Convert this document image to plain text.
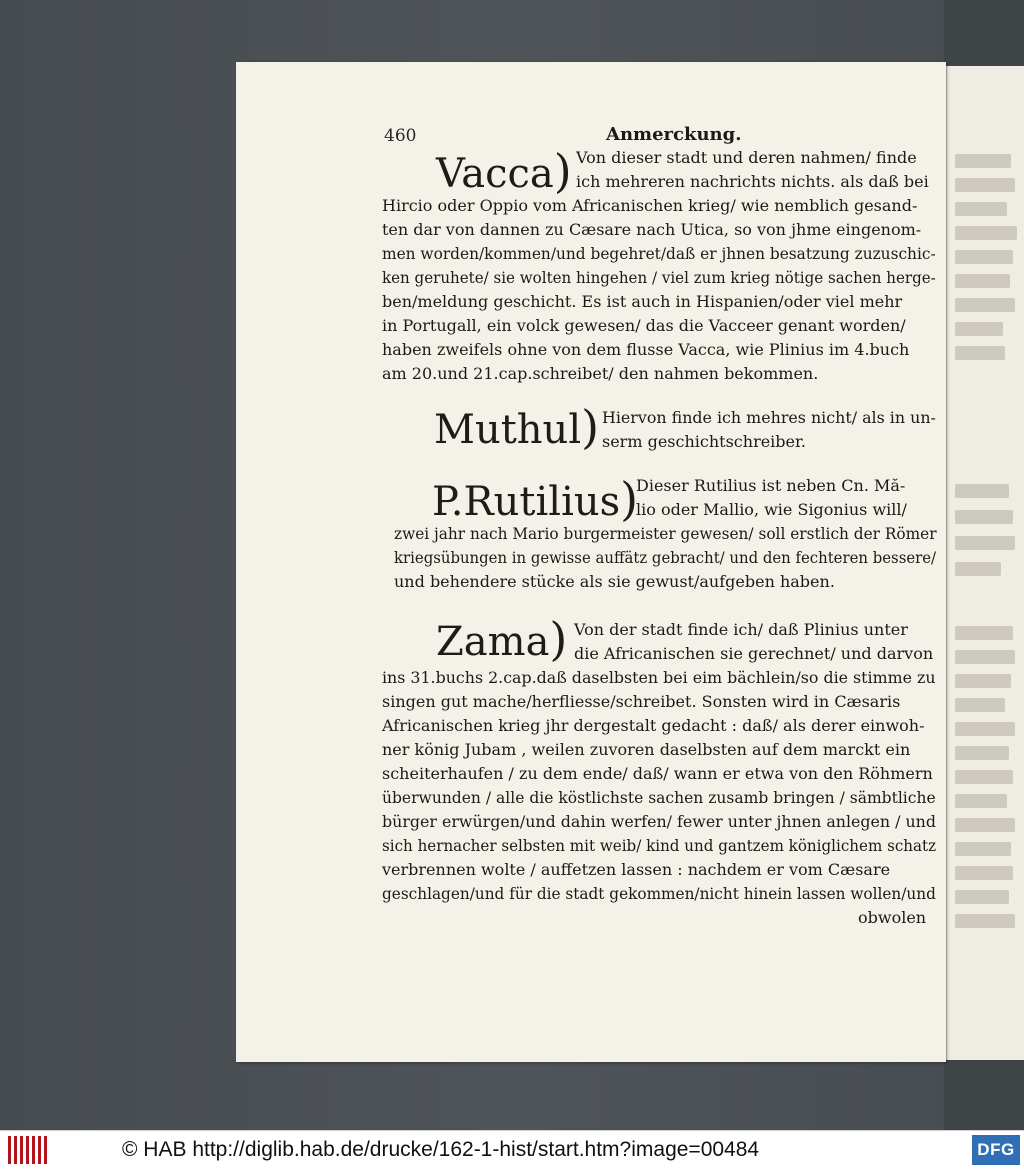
460	Anmerckung.
Vacca) Von dieser stadt und deren nahmen/ finde
ich mehreren nachrichts nichts. als daß bei
Hircio oder Oppio vom Africanischen krieg/ wie nemblich gesand-
ten dar von dannen zu Cæsare nach Utica, so von jhme eingenom-
men worden/kommen/und begehret/daß er jhnen besatzung zuzuschic-
ken geruhete/ sie wolten hingehen / viel zum krieg nötige sachen herge-
ben/meldung geschicht. Es ist auch in Hispanien/oder viel mehr
in Portugall, ein volck gewesen/ das die Vacceer genant worden/
haben zweifels ohne von dem flusse Vacca, wie Plinius im 4.buch
am 20.und 21.cap.schreibet/ den nahmen bekommen.
Muthul) Hiervon finde ich mehres nicht/ als in un-
serm geschichtschreiber.
P.Rutilius)
Dieser Rutilius ist neben Cn. Mă-
lio oder Mallio, wie Sigonius will/
zwei jahr nach Mario burgermeister gewesen/ soll erstlich der Römer
kriegsübungen in gewisse auffätz gebracht/ und den fechteren bessere/
und behendere stücke als sie gewust/aufgeben haben.
Zama) Von der stadt finde ich/ daß Plinius unter
die Africanischen sie gerechnet/ und darvon
ins 31.buchs 2.cap.daß daselbsten bei eim bächlein/so die stimme zu
singen gut mache/herfliesse/schreibet. Sonsten wird in Cæsaris
Africanischen krieg jhr dergestalt gedacht : daß/ als derer einwoh-
ner könig Jubam , weilen zuvoren daselbsten auf dem marckt ein
scheiterhaufen / zu dem ende/ daß/ wann er etwa von den Röhmern
überwunden / alle die köstlichste sachen zusamb bringen / sämbtliche
bürger erwürgen/und dahin werfen/ fewer unter jhnen anlegen / und
sich hernacher selbsten mit weib/ kind und gantzem königlichem schatz
verbrennen wolte / auffetzen lassen : nachdem er vom Cæsare
geschlagen/und für die stadt gekommen/nicht hinein lassen wollen/und
obwolen
© HAB http://diglib.hab.de/drucke/162-1-hist/start.htm?image=00484	DFG
